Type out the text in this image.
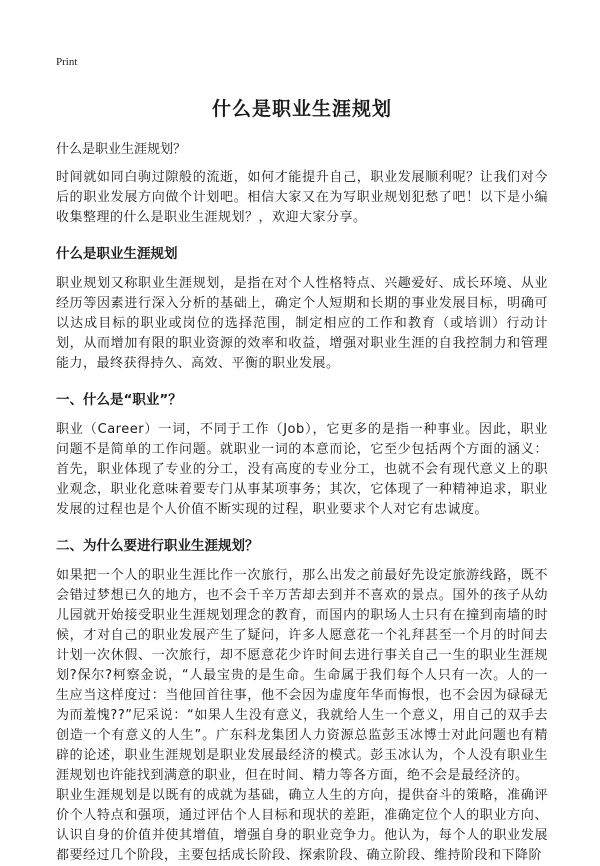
Print
什么是职业生涯规划
什么是职业生涯规划？

时间就如同白驹过隙般的流逝，如何才能提升自己，职业发展顺利呢？让我们对今后的职业发展方向做个计划吧。相信大家又在为写职业规划犯愁了吧！以下是小编收集整理的什么是职业生涯规划？，欢迎大家分享。

什么是职业生涯规划

职业规划又称职业生涯规划，是指在对个人性格特点、兴趣爱好、成长环境、从业经历等因素进行深入分析的基础上，确定个人短期和长期的事业发展目标，明确可以达成目标的职业或岗位的选择范围，制定相应的工作和教育（或培训）行动计划，从而增加有限的职业资源的效率和收益，增强对职业生涯的自我控制力和管理能力，最终获得持久、高效、平衡的职业发展。

一、什么是“职业”？

职业（Career）一词，不同于工作（Job），它更多的是指一种事业。因此，职业问题不是简单的工作问题。就职业一词的本意而论，它至少包括两个方面的涵义：首先，职业体现了专业的分工，没有高度的专业分工，也就不会有现代意义上的职业观念，职业化意味着要专门从事某项事务；其次，它体现了一种精神追求，职业发展的过程也是个人价值不断实现的过程，职业要求个人对它有忠诚度。

二、为什么要进行职业生涯规划？

如果把一个人的职业生涯比作一次旅行，那么出发之前最好先设定旅游线路，既不会错过梦想已久的地方，也不会千辛万苦却去到并不喜欢的景点。国外的孩子从幼儿园就开始接受职业生涯规划理念的教育，而国内的职场人士只有在撞到南墙的时候，才对自己的职业发展产生了疑问，许多人愿意花一个礼拜甚至一个月的时间去计划一次休假、一次旅行，却不愿意花少许时间去进行事关自己一生的职业生涯规划?保尔?柯察金说，“人最宝贵的是生命。生命属于我们每个人只有一次。人的一生应当这样度过：当他回首往事，他不会因为虚度年华而悔恨，也不会因为碌碌无为而羞愧??”尼采说：“如果人生没有意义，我就给人生一个意义，用自己的双手去创造一个有意义的人生”。广东科龙集团人力资源总监彭玉冰博士对此问题也有精辟的论述，职业生涯规划是职业发展最经济的模式。彭玉冰认为，个人没有职业生涯规划也许能找到满意的职业，但在时间、精力等各方面，绝不会是最经济的。

职业生涯规划是以既有的成就为基础，确立人生的方向，提供奋斗的策略，准确评价个人特点和强项，通过评估个人目标和现状的差距，准确定位个人的职业方向、认识自身的价值并使其增值，增强自身的职业竞争力。他认为，每个人的职业发展都要经过几个阶段，主要包括成长阶段、探索阶段、确立阶段、维持阶段和下降阶
